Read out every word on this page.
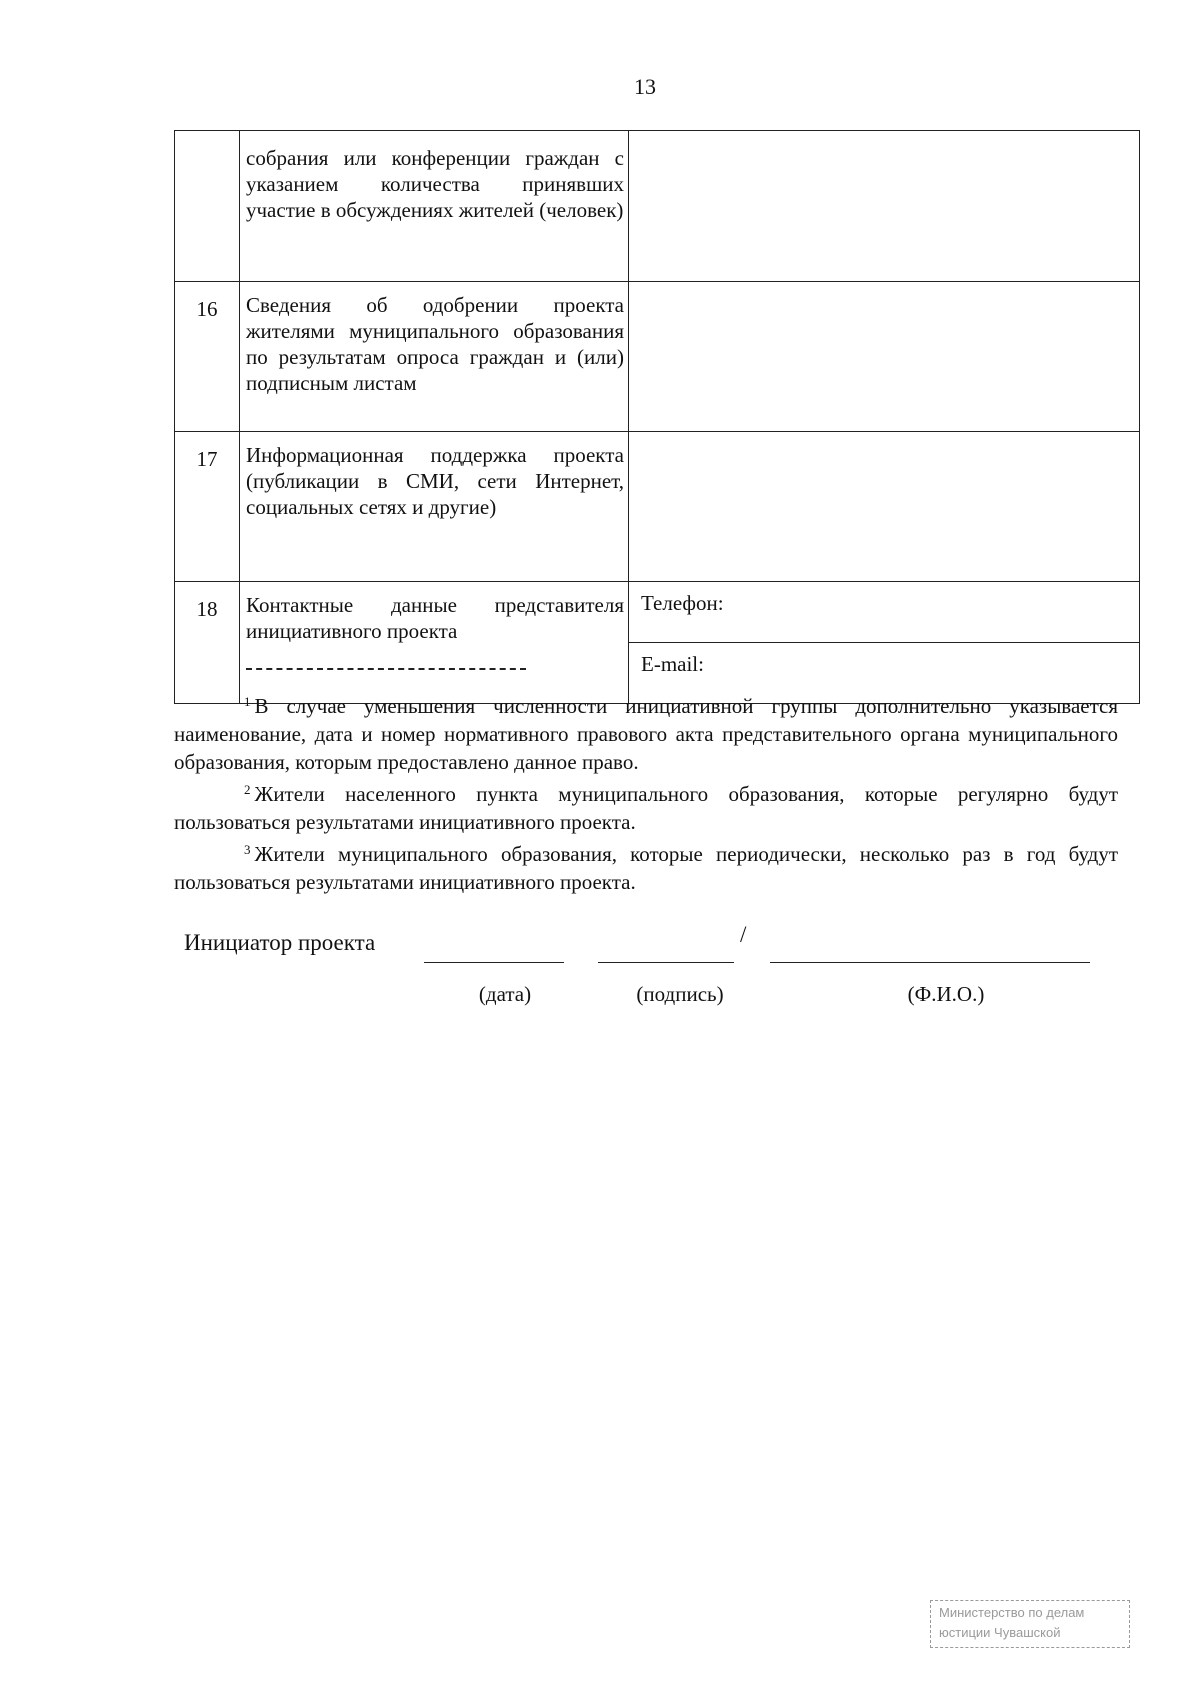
13
	собрания или конференции граждан с указанием количества принявших участие в обсуждениях жителей (человек)	
16	Сведения об одобрении проекта жителями муниципального образования по результатам опроса граждан и (или) подписным листам	
17	Информационная поддержка проекта (публикации в СМИ, сети Интернет, социальных сетях и другие)	
18	Контактные данные представителя инициативного проекта	Телефон:
		E-mail:

$^1$ В случае уменьшения численности инициативной группы дополнительно указывается наименование, дата и номер нормативного правового акта представительного органа муниципального образования, которым предоставлено данное право.

$^2$ Жители населенного пункта муниципального образования, которые регулярно будут пользоваться результатами инициативного проекта.

$^3$ Жители муниципального образования, которые периодически, несколько раз в год будут пользоваться результатами инициативного проекта.

Инициатор проекта	/
(дата)	(подпись)	(Ф.И.О.)
Министерство по делам
юстиции Чувашской
